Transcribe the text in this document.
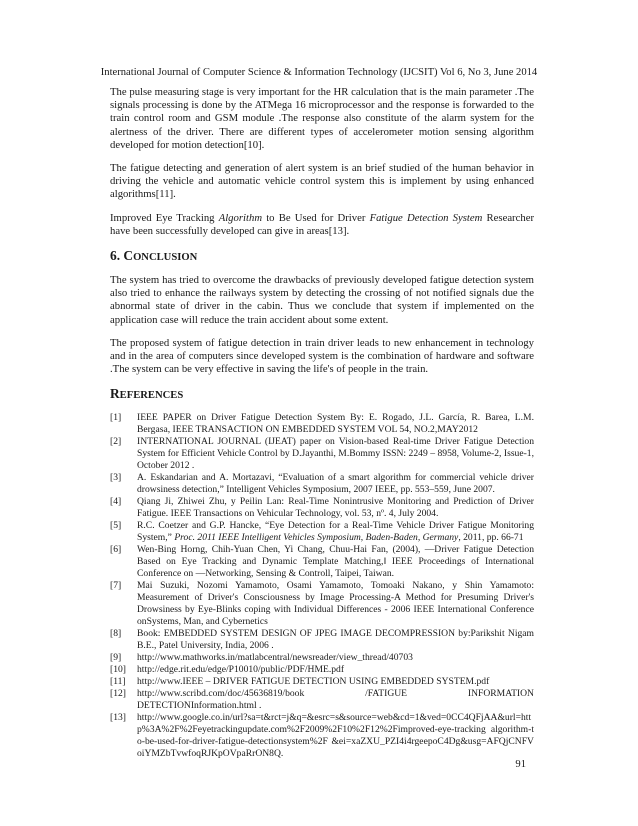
International Journal of Computer Science & Information Technology (IJCSIT) Vol 6, No 3, June 2014

The pulse measuring stage is very important for the HR calculation that is the main parameter .The signals processing is done by the ATMega 16 microprocessor and the response is forwarded to the train control room and GSM module .The response also constitute of the alarm system for the alertness of the driver. There are different types of accelerometer motion sensing algorithm developed for motion detection[10].

The fatigue detecting and generation of alert system is an brief studied of the human behavior in driving the vehicle and automatic vehicle control system this is implement by using enhanced algorithms[11].

Improved Eye Tracking Algorithm to Be Used for Driver Fatigue Detection System Researcher have been successfully developed can give in areas[13].

6. CONCLUSION

The system has tried to overcome the drawbacks of previously developed fatigue detection system also tried to enhance the railways system by detecting the crossing of not notified signals due the abnormal state of driver in the cabin. Thus we conclude that system if implemented on the application case will reduce the train accident about some extent.

The proposed system of fatigue detection in train driver leads to new enhancement in technology and in the area of computers since developed system is the combination of hardware and software .The system can be very effective in saving the life's of people in the train.

REFERENCES
[1] IEEE PAPER on Driver Fatigue Detection System By: E. Rogado, J.L. García, R. Barea, L.M. Bergasa, IEEE TRANSACTION ON EMBEDDED SYSTEM VOL 54, NO.2,MAY2012
[2] INTERNATIONAL JOURNAL (IJEAT) paper on Vision-based Real-time Driver Fatigue Detection System for Efficient Vehicle Control by D.Jayanthi, M.Bommy ISSN: 2249 – 8958, Volume-2, Issue-1, October 2012 .
[3] A. Eskandarian and A. Mortazavi, “Evaluation of a smart algorithm for commercial vehicle driver drowsiness detection,” Intelligent Vehicles Symposium, 2007 IEEE, pp. 553–559, June 2007.
[4] Qiang Ji, Zhiwei Zhu, y Peilin Lan: Real-Time Nonintrusive Monitoring and Prediction of Driver Fatigue. IEEE Transactions on Vehicular Technology, vol. 53, nº. 4, July 2004.
[5] R.C. Coetzer and G.P. Hancke, “Eye Detection for a Real-Time Vehicle Driver Fatigue Monitoring System,” Proc. 2011 IEEE Intelligent Vehicles Symposium, Baden-Baden, Germany, 2011, pp. 66-71
[6] Wen-Bing Horng, Chih-Yuan Chen, Yi Chang, Chuu-Hai Fan, (2004), ―Driver Fatigue Detection Based on Eye Tracking and Dynamic Template Matching,‖ IEEE Proceedings of International Conference on ―Networking, Sensing & Controll, Taipei, Taiwan.
[7] Mai Suzuki, Nozomi Yamamoto, Osami Yamamoto, Tomoaki Nakano, y Shin Yamamoto: Measurement of Driver's Consciousness by Image Processing-A Method for Presuming Driver's Drowsiness by Eye-Blinks coping with Individual Differences - 2006 IEEE International Conference onSystems, Man, and Cybernetics
[8] Book: EMBEDDED SYSTEM DESIGN OF JPEG IMAGE DECOMPRESSION by:Parikshit Nigam B.E., Patel University, India, 2006 .
[9] http://www.mathworks.in/matlabcentral/newsreader/view_thread/40703
[10] http://edge.rit.edu/edge/P10010/public/PDF/HME.pdf
[11] http://www.IEEE – DRIVER FATIGUE DETECTION USING EMBEDDED SYSTEM.pdf
[12] http://www.scribd.com/doc/45636819/book /FATIGUE INFORMATION DETECTIONInformation.html .
[13] http://www.google.co.in/url?sa=t&rct=j&q=&esrc=s&source=web&cd=1&ved=0CC4QFjAA&url=http%3A%2F%2Feyetrackingupdate.com%2F2009%2F10%2F12%2Fimproved-eye-tracking algorithm-to-be-used-for-driver-fatigue-detectionsystem%2F &ei=xaZXU_PZI4i4rgeepoC4Dg&usg=AFQjCNFVoiYMZbTvwfoqRJKpOVpaRrON8Q.
91
